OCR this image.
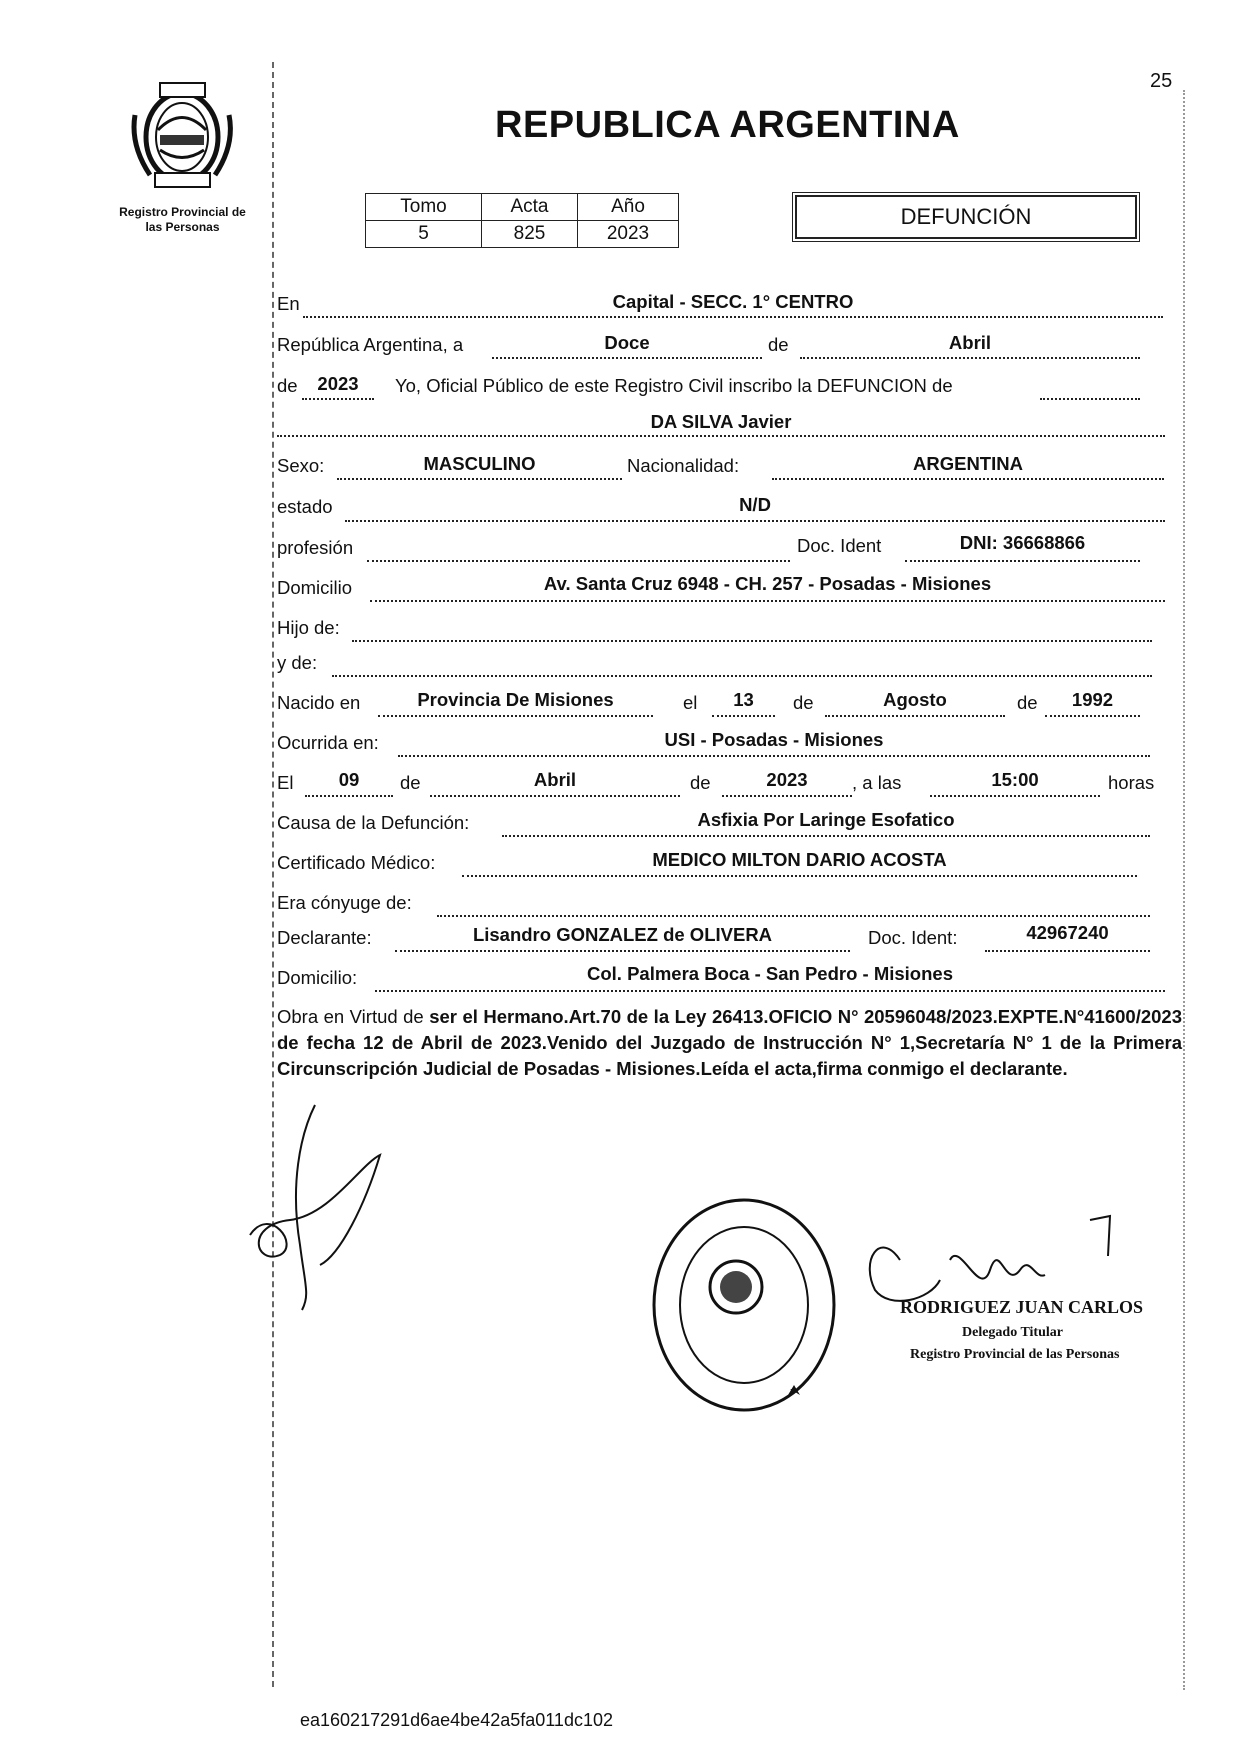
25
Registro Provincial de
las Personas
REPUBLICA ARGENTINA
Tomo	Acta	Año
5	825	2023
DEFUNCIÓN
En	Capital - SECC. 1° CENTRO
República Argentina, a	Doce	de	Abril
de	2023	Yo, Oficial Público de este Registro Civil inscribo la DEFUNCION de
DA SILVA Javier
Sexo:	MASCULINO	Nacionalidad:	ARGENTINA
estado	N/D
profesión	Doc. Ident	DNI: 36668866
Domicilio	Av. Santa Cruz 6948 - CH. 257 - Posadas - Misiones
Hijo de:
y de:
Nacido en	Provincia De Misiones	el	13	de	Agosto	de	1992
Ocurrida en:	USI - Posadas - Misiones
El	09	de	Abril	de	2023	, a las	15:00	horas
Causa de la Defunción:	Asfixia Por Laringe Esofatico
Certificado Médico:	MEDICO MILTON DARIO ACOSTA
Era cónyuge de:
Declarante:	Lisandro GONZALEZ de OLIVERA	Doc. Ident:	42967240
Domicilio:	Col. Palmera Boca - San Pedro - Misiones
Obra en Virtud de ser el Hermano.Art.70 de la Ley 26413.OFICIO N° 20596048/2023.EXPTE.N°41600/2023 de fecha 12 de Abril de 2023.Venido del Juzgado de Instrucción N° 1,Secretaría N° 1 de la Primera Circunscripción Judicial de Posadas - Misiones.Leída el acta,firma conmigo el declarante.
RODRIGUEZ JUAN CARLOS
Delegado Titular
Registro Provincial de las Personas
ea160217291d6ae4be42a5fa011dc102
